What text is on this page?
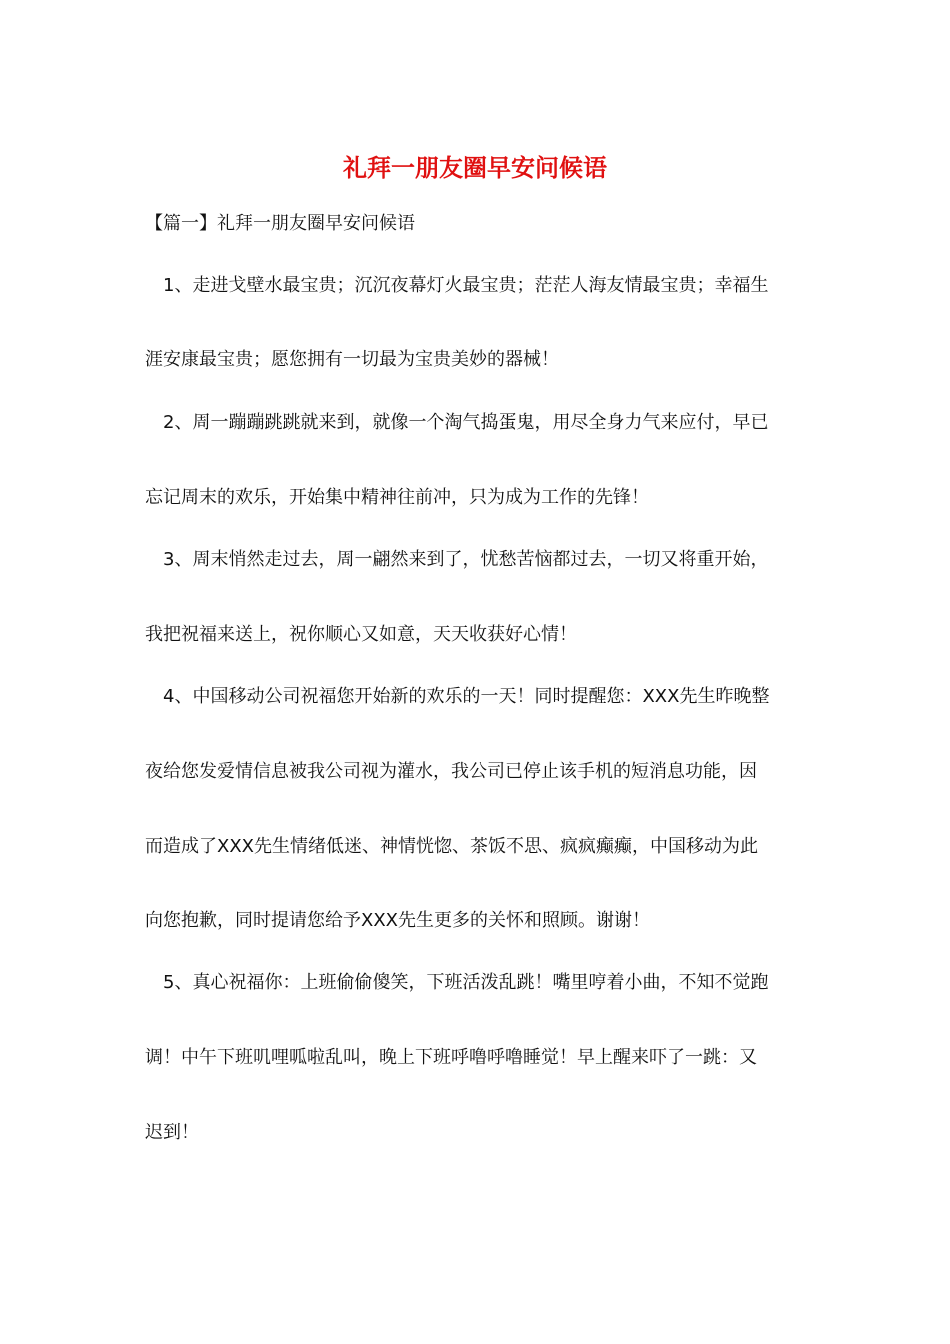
礼拜一朋友圈早安问候语

【篇一】礼拜一朋友圈早安问候语

1、走进戈壁水最宝贵；沉沉夜幕灯火最宝贵；茫茫人海友情最宝贵；幸福生

涯安康最宝贵；愿您拥有一切最为宝贵美妙的器械！

2、周一蹦蹦跳跳就来到，就像一个淘气捣蛋鬼，用尽全身力气来应付，早已

忘记周末的欢乐，开始集中精神往前冲，只为成为工作的先锋！

3、周末悄然走过去，周一翩然来到了，忧愁苦恼都过去，一切又将重开始，

我把祝福来送上，祝你顺心又如意，天天收获好心情！

4、中国移动公司祝福您开始新的欢乐的一天！同时提醒您：XXX先生昨晚整

夜给您发爱情信息被我公司视为灌水，我公司已停止该手机的短消息功能，因

而造成了XXX先生情绪低迷、神情恍惚、茶饭不思、疯疯癫癫，中国移动为此

向您抱歉，同时提请您给予XXX先生更多的关怀和照顾。谢谢！

5、真心祝福你：上班偷偷傻笑，下班活泼乱跳！嘴里哼着小曲，不知不觉跑

调！中午下班叽哩呱啦乱叫，晚上下班呼噜呼噜睡觉！早上醒来吓了一跳：又

迟到！
